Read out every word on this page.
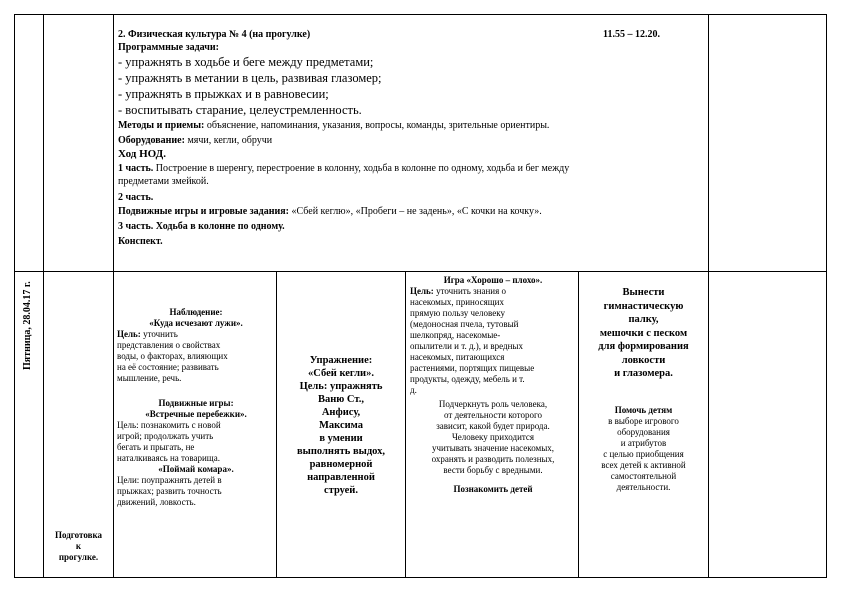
2. Физическая культура № 4 (на прогулке)
Программные задачи:
- упражнять в ходьбе и беге между предметами;
- упражнять в метании в цель, развивая глазомер;
- упражнять в прыжках и в равновесии;
- воспитывать старание, целеустремленность.
Методы и приемы: объяснение, напоминания, указания, вопросы, команды, зрительные ориентиры.
Оборудование: мячи, кегли, обручи
Ход НОД.
1 часть. Построение в шеренгу, перестроение в колонну, ходьба в колонне по одному, ходьба и бег между
предметами змейкой.
2 часть.
Подвижные игры и игровые задания: «Сбей кеглю», «Пробеги – не задень», «С кочки на кочку».
3 часть. Ходьба в колонне по одному.
Конспект.
11.55 – 12.20.
Пятница, 28.04.17 г.
Подготовка
к
прогулке.
Наблюдение:
«Куда исчезают лужи».
Цель: уточнить
представления о свойствах
воды, о факторах, влияющих
на её состояние; развивать
мышление, речь.
Подвижные игры:
«Встречные перебежки».
Цель: познакомить с новой
игрой; продолжать учить
бегать и прыгать, не
наталкиваясь на товарища.
«Поймай комара».
Цели: поупражнять детей в
прыжках; развить точность
движений, ловкость.
Упражнение:
«Сбей кегли».
Цель: упражнять
Ваню Ст.,
Анфису,
Максима
в умении
выполнять выдох,
равномерной
направленной
струей.
Игра «Хорошо – плохо».
Цель: уточнить знания о
насекомых, приносящих
прямую пользу человеку
(медоносная пчела, тутовый
шелкопряд, насекомые-
опылители и т. д.), и вредных
насекомых, питающихся
растениями, портящих пищевые
продукты, одежду, мебель и т.
д.
Подчеркнуть роль человека,
от деятельности которого
зависит, какой будет природа.
Человеку приходится
учитывать значение насекомых,
охранять и разводить полезных,
вести борьбу с вредными.
Познакомить детей
Вынести
гимнастическую
палку,
мешочки с песком
для формирования
ловкости
и глазомера.
Помочь детям
в выборе игрового
оборудования
и атрибутов
с целью приобщения
всех детей к активной
самостоятельной
деятельности.
